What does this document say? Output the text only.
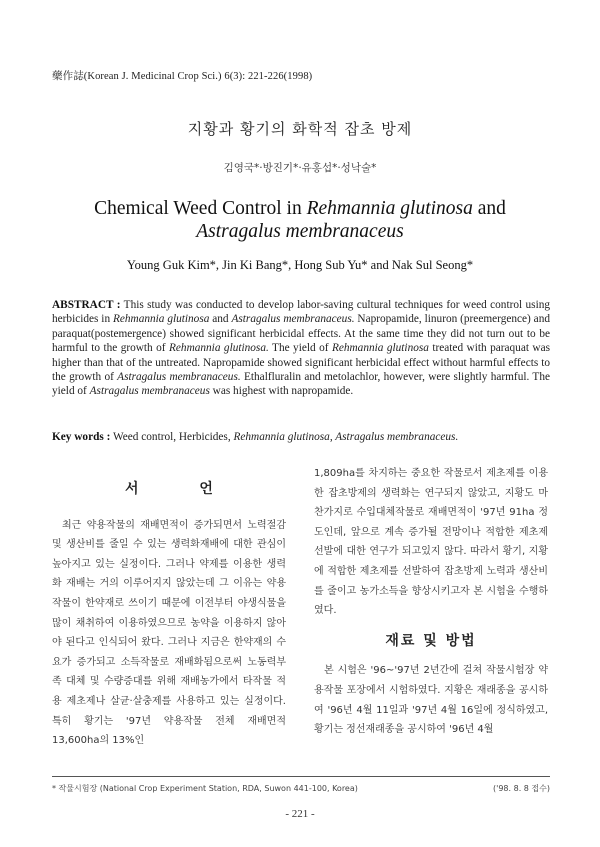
藥作誌(Korean J. Medicinal Crop Sci.) 6(3): 221-226(1998)
지황과 황기의 화학적 잡초 방제
김영국*·방진기*·유홍섭*·성낙술*
Chemical Weed Control in Rehmannia glutinosa and
Astragalus membranaceus
Young Guk Kim*, Jin Ki Bang*, Hong Sub Yu* and Nak Sul Seong*
ABSTRACT : This study was conducted to develop labor-saving cultural techniques for weed control using herbicides in Rehmannia glutinosa and Astragalus membranaceus. Napropamide, linuron (preemergence) and paraquat(postemergence) showed significant herbicidal effects. At the same time they did not turn out to be harmful to the growth of Rehmannia glutinosa. The yield of Rehmannia glutinosa treated with paraquat was higher than that of the untreated. Napropamide showed significant herbicidal effect without harmful effects to the growth of Astragalus membranaceus. Ethalfluralin and metolachlor, however, were slightly harmful. The yield of Astragalus membranaceus was highest with napropamide.
Key words : Weed control, Herbicides, Rehmannia glutinosa, Astragalus membranaceus.
서 언

최근 약용작물의 재배면적이 증가되면서 노력절감 및 생산비를 줄일 수 있는 생력화재배에 대한 관심이 높아지고 있는 실정이다. 그러나 약제를 이용한 생력화 재배는 거의 이루어지지 않았는데 그 이유는 약용작물이 한약재로 쓰이기 때문에 이전부터 야생식물을 많이 채취하여 이용하였으므로 농약을 이용하지 않아야 된다고 인식되어 왔다. 그러나 지금은 한약재의 수요가 증가되고 소득작물로 재배화됨으로써 노동력부족 대체 및 수량증대를 위해 재배농가에서 타작물 적용 제초제나 살균·살충제를 사용하고 있는 실정이다. 특히 황기는 '97년 약용작물 전체 재배면적 13,600ha의 13%인

1,809ha를 차지하는 중요한 작물로서 제초제를 이용한 잡초방제의 생력화는 연구되지 않았고, 지황도 마찬가지로 수입대체작물로 재배면적이 '97년 91ha 정도인데, 앞으로 계속 증가될 전망이나 적합한 제초제 선발에 대한 연구가 되고있지 않다. 따라서 황기, 지황에 적합한 제초제를 선발하여 잡초방제 노력과 생산비를 줄이고 농가소득을 향상시키고자 본 시험을 수행하였다.

재료 및 방법

본 시험은 '96~'97년 2년간에 걸쳐 작물시험장 약용작물 포장에서 시험하였다. 지황은 재래종을 공시하여 '96년 4월 11일과 '97년 4월 16일에 정식하였고, 황기는 정선재래종을 공시하여 '96년 4월

* 작물시험장 (National Crop Experiment Station, RDA, Suwon 441-100, Korea)	('98. 8. 8 접수)
- 221 -
